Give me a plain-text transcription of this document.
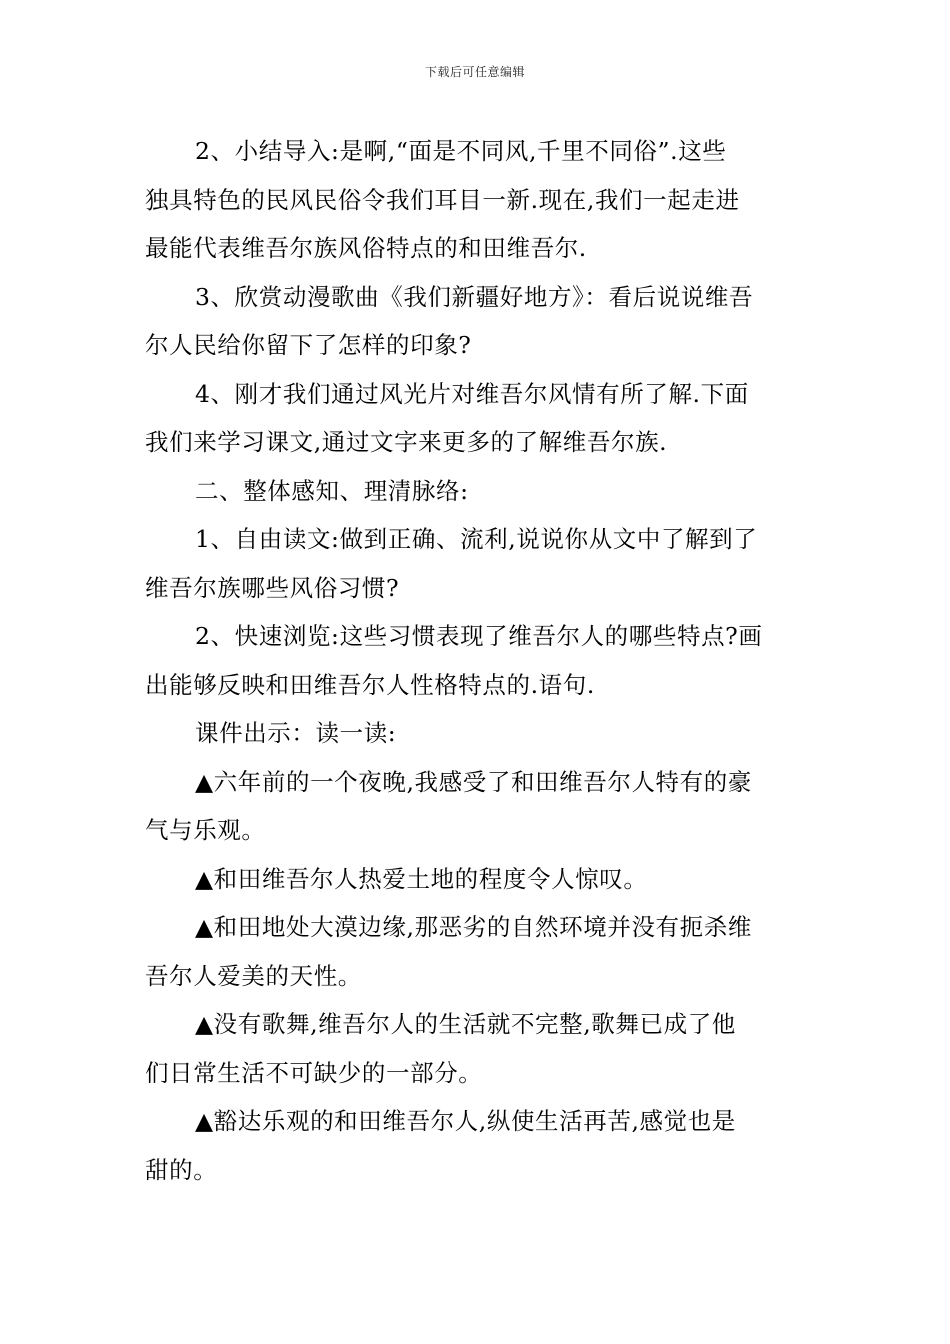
下载后可任意编辑

2、小结导入:是啊,“面是不同风,千里不同俗”.这些
独具特色的民风民俗令我们耳目一新.现在,我们一起走进
最能代表维吾尔族风俗特点的和田维吾尔.

3、欣赏动漫歌曲《我们新疆好地方》：看后说说维吾
尔人民给你留下了怎样的印象?

4、刚才我们通过风光片对维吾尔风情有所了解.下面
我们来学习课文,通过文字来更多的了解维吾尔族.

二、整体感知、理清脉络:

1、自由读文:做到正确、流利,说说你从文中了解到了
维吾尔族哪些风俗习惯?

2、快速浏览:这些习惯表现了维吾尔人的哪些特点?画
出能够反映和田维吾尔人性格特点的.语句.

课件出示：读一读:

▲六年前的一个夜晚,我感受了和田维吾尔人特有的豪
气与乐观。

▲和田维吾尔人热爱土地的程度令人惊叹。

▲和田地处大漠边缘,那恶劣的自然环境并没有扼杀维
吾尔人爱美的天性。

▲没有歌舞,维吾尔人的生活就不完整,歌舞已成了他
们日常生活不可缺少的一部分。

▲豁达乐观的和田维吾尔人,纵使生活再苦,感觉也是
甜的。
